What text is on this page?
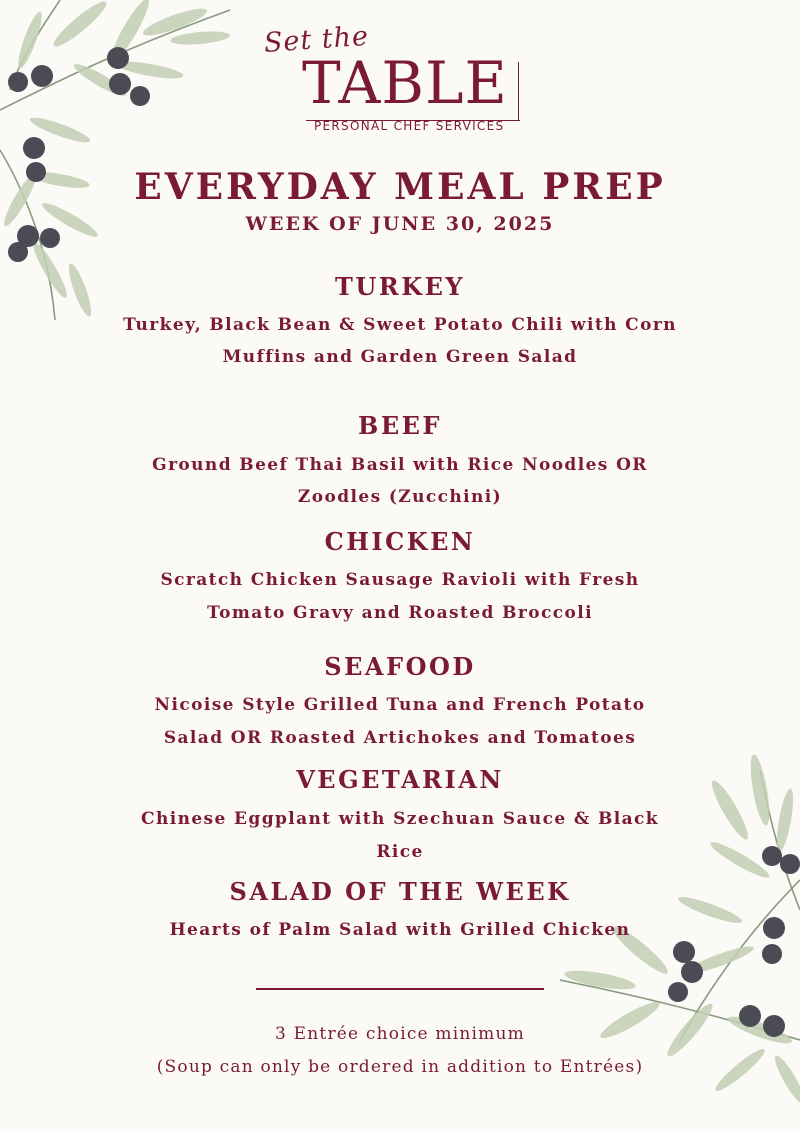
Set the
TABLE
PERSONAL CHEF SERVICES
EVERYDAY MEAL PREP
WEEK OF JUNE 30, 2025
TURKEY
Turkey, Black Bean & Sweet Potato Chili with Corn
Muffins and Garden Green Salad
BEEF
Ground Beef Thai Basil with Rice Noodles OR
Zoodles (Zucchini)
CHICKEN
Scratch Chicken Sausage Ravioli with Fresh
Tomato Gravy and Roasted Broccoli
SEAFOOD
Nicoise Style Grilled Tuna and French Potato
Salad OR Roasted Artichokes and Tomatoes
VEGETARIAN
Chinese Eggplant with Szechuan Sauce & Black
Rice
SALAD OF THE WEEK
Hearts of Palm Salad with Grilled Chicken
3 Entrée choice minimum
(Soup can only be ordered in addition to Entrées)
